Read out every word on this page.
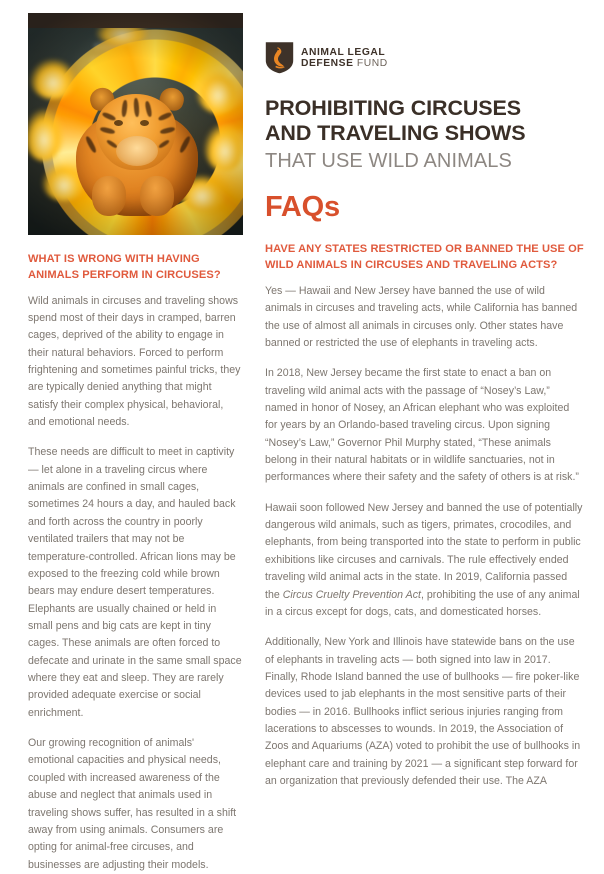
WHAT IS WRONG WITH HAVING ANIMALS PERFORM IN CIRCUSES?

Wild animals in circuses and traveling shows spend most of their days in cramped, barren cages, deprived of the ability to engage in their natural behaviors. Forced to perform frightening and sometimes painful tricks, they are typically denied anything that might satisfy their complex physical, behavioral, and emotional needs.

These needs are difficult to meet in captivity — let alone in a traveling circus where animals are confined in small cages, sometimes 24 hours a day, and hauled back and forth across the country in poorly ventilated trailers that may not be temperature-controlled. African lions may be exposed to the freezing cold while brown bears may endure desert temperatures. Elephants are usually chained or held in small pens and big cats are kept in tiny cages. These animals are often forced to defecate and urinate in the same small space where they eat and sleep. They are rarely provided adequate exercise or social enrichment.

Our growing recognition of animals' emotional capacities and physical needs, coupled with increased awareness of the abuse and neglect that animals used in traveling shows suffer, has resulted in a shift away from using animals. Consumers are opting for animal-free circuses, and businesses are adjusting their models.

ANIMAL LEGAL
DEFENSE FUND
PROHIBITING CIRCUSES
AND TRAVELING SHOWS
THAT USE WILD ANIMALS
FAQs
HAVE ANY STATES RESTRICTED OR BANNED THE USE OF WILD ANIMALS IN CIRCUSES AND TRAVELING ACTS?

Yes — Hawaii and New Jersey have banned the use of wild animals in circuses and traveling acts, while California has banned the use of almost all animals in circuses only. Other states have banned or restricted the use of elephants in traveling acts.

In 2018, New Jersey became the first state to enact a ban on traveling wild animal acts with the passage of “Nosey’s Law,” named in honor of Nosey, an African elephant who was exploited for years by an Orlando-based traveling circus. Upon signing “Nosey’s Law,” Governor Phil Murphy stated, “These animals belong in their natural habitats or in wildlife sanctuaries, not in performances where their safety and the safety of others is at risk.”

Hawaii soon followed New Jersey and banned the use of potentially dangerous wild animals, such as tigers, primates, crocodiles, and elephants, from being transported into the state to perform in public exhibitions like circuses and carnivals. The rule effectively ended traveling wild animal acts in the state. In 2019, California passed the Circus Cruelty Prevention Act, prohibiting the use of any animal in a circus except for dogs, cats, and domesticated horses.

Additionally, New York and Illinois have statewide bans on the use of elephants in traveling acts — both signed into law in 2017. Finally, Rhode Island banned the use of bullhooks — fire poker-like devices used to jab elephants in the most sensitive parts of their bodies — in 2016. Bullhooks inflict serious injuries ranging from lacerations to abscesses to wounds. In 2019, the Association of Zoos and Aquariums (AZA) voted to prohibit the use of bullhooks in elephant care and training by 2021 — a significant step forward for an organization that previously defended their use. The AZA
